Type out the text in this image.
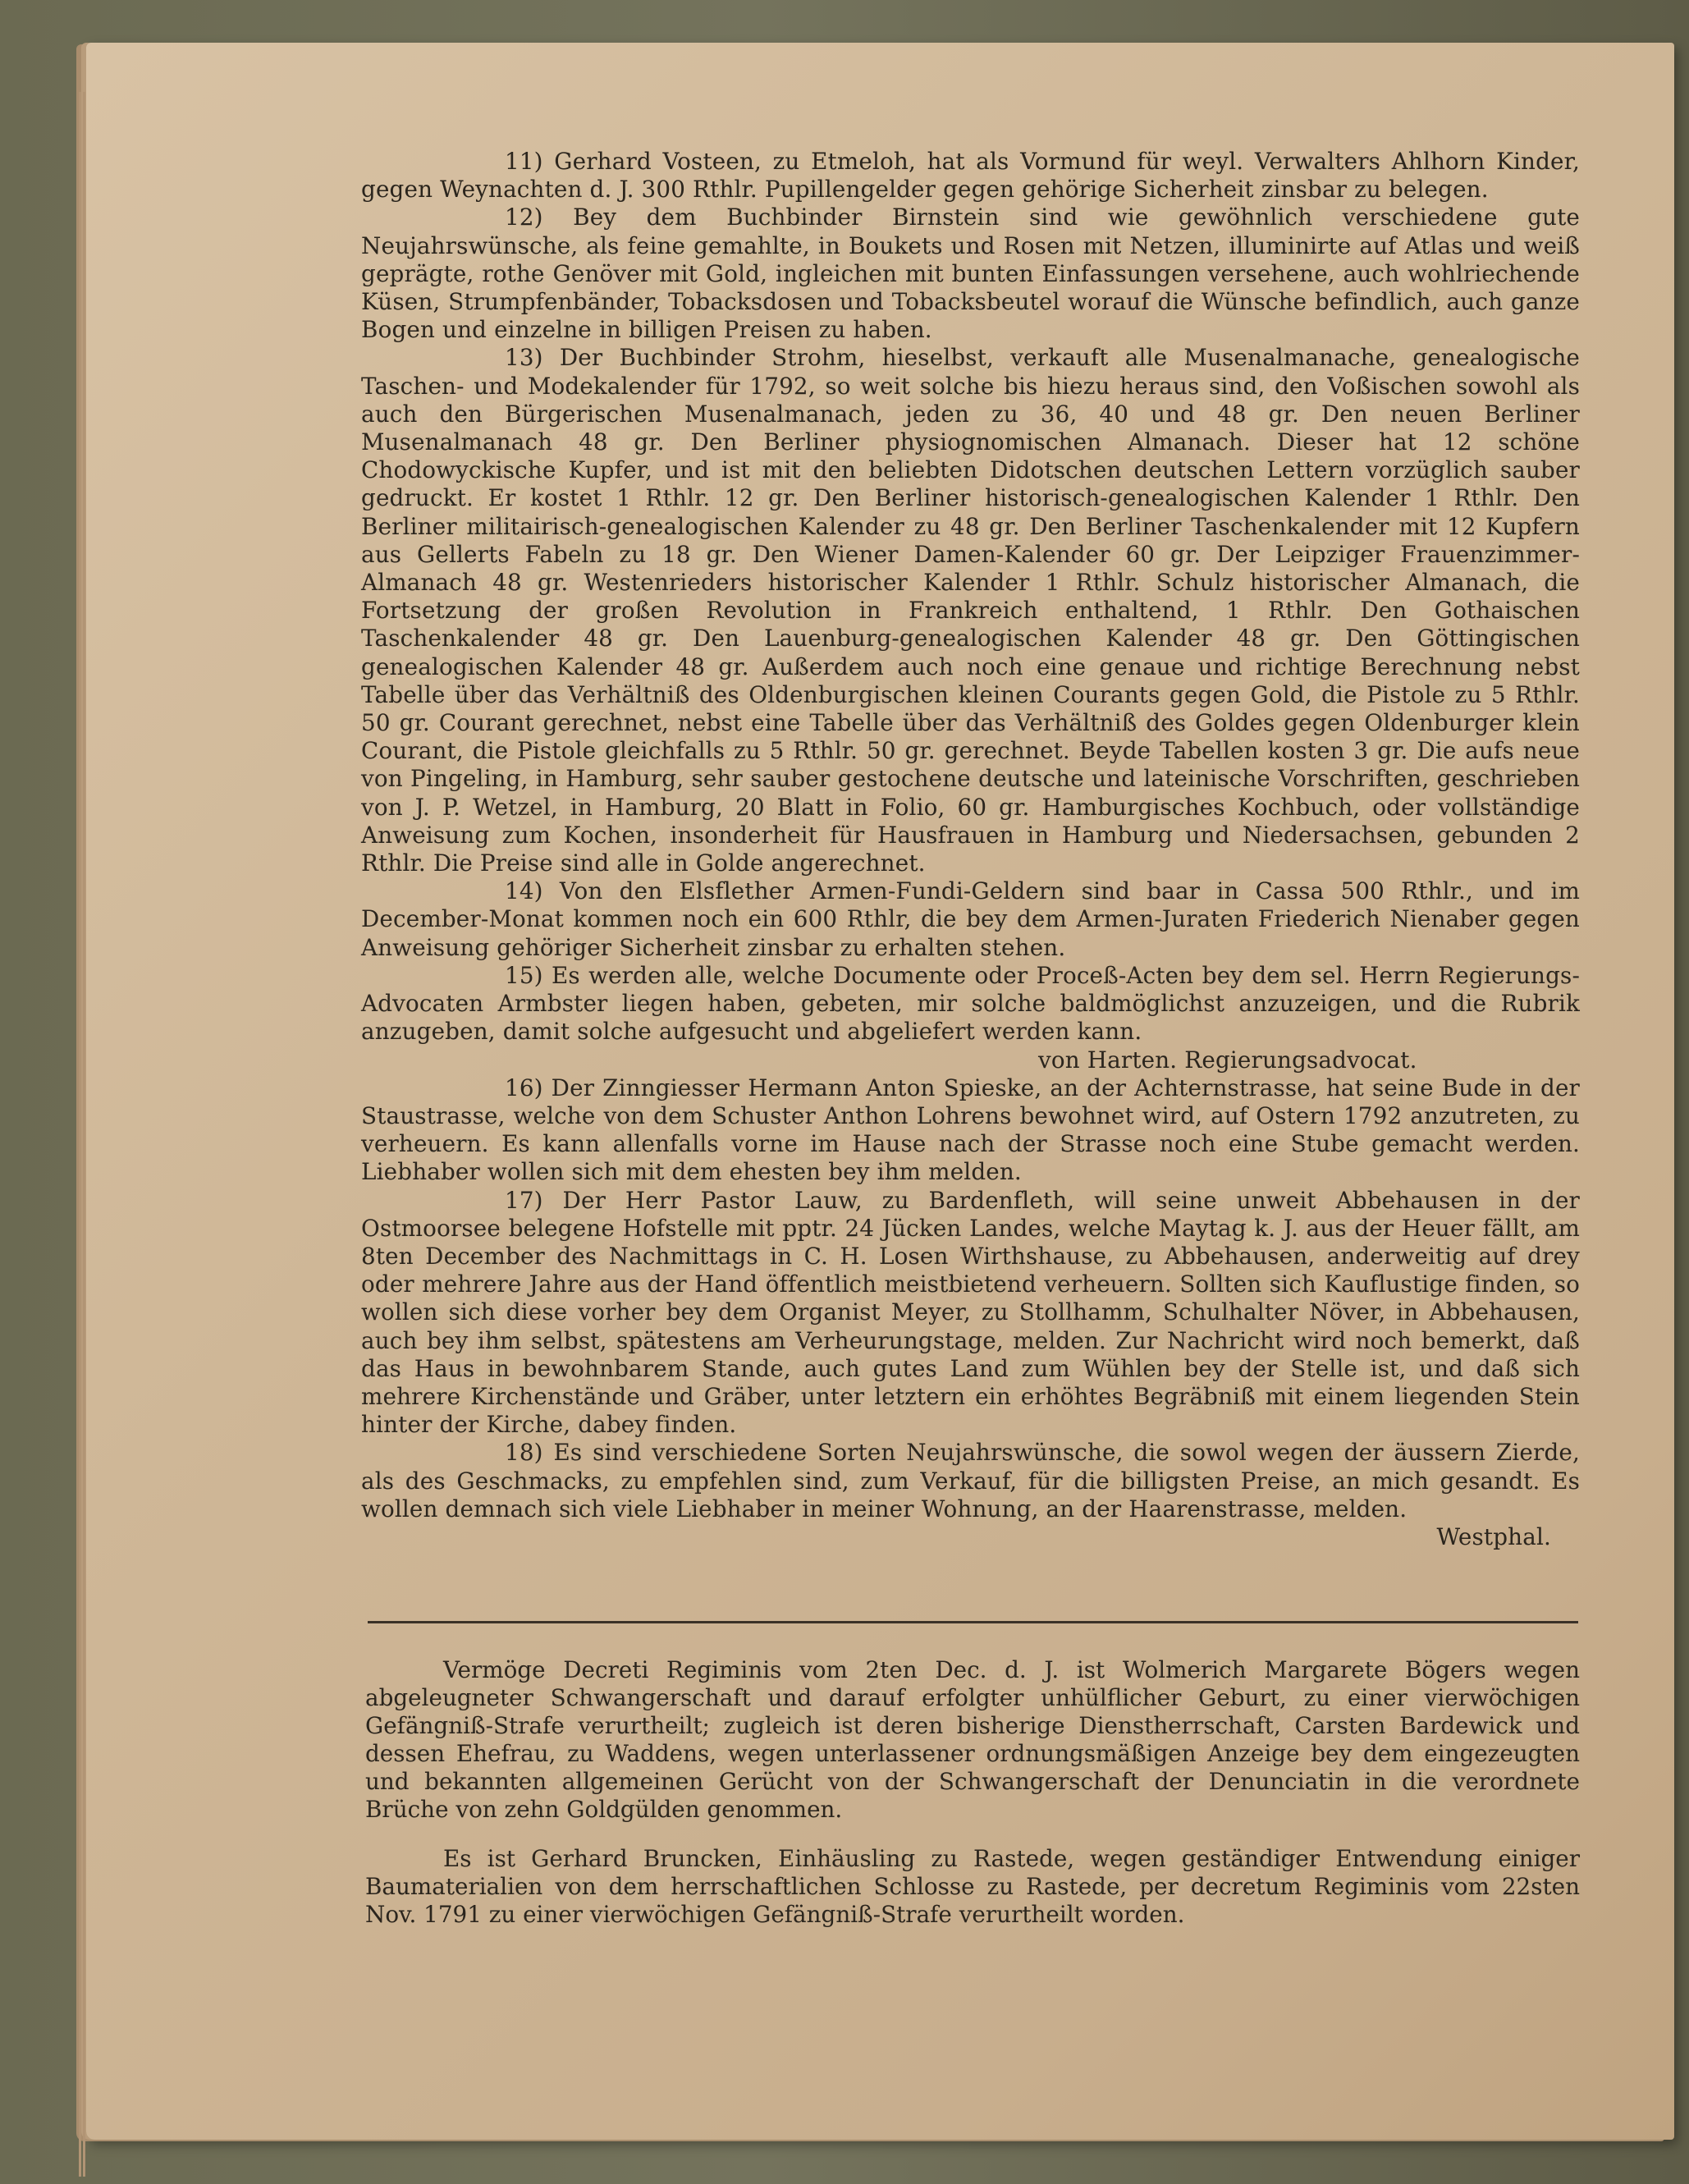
11) Gerhard Vosteen, zu Etmeloh, hat als Vormund für weyl. Verwalters Ahlhorn Kinder, gegen Weynachten d. J. 300 Rthlr. Pupillengelder gegen gehörige Sicherheit zinsbar zu belegen.

12) Bey dem Buchbinder Birnstein sind wie gewöhnlich verschiedene gute Neujahrswünsche, als feine gemahlte, in Boukets und Rosen mit Netzen, illuminirte auf Atlas und weiß geprägte, rothe Genöver mit Gold, ingleichen mit bunten Einfassungen versehene, auch wohlriechende Küsen, Strumpfenbänder, Tobacksdosen und Tobacksbeutel worauf die Wünsche befindlich, auch ganze Bogen und einzelne in billigen Preisen zu haben.

13) Der Buchbinder Strohm, hieselbst, verkauft alle Musenalmanache, genealogische Taschen- und Modekalender für 1792, so weit solche bis hiezu heraus sind, den Voßischen sowohl als auch den Bürgerischen Musenalmanach, jeden zu 36, 40 und 48 gr. Den neuen Berliner Musenalmanach 48 gr. Den Berliner physiognomischen Almanach. Dieser hat 12 schöne Chodowyckische Kupfer, und ist mit den beliebten Didotschen deutschen Lettern vorzüglich sauber gedruckt. Er kostet 1 Rthlr. 12 gr. Den Berliner historisch-genealogischen Kalender 1 Rthlr. Den Berliner militairisch-genealogischen Kalender zu 48 gr. Den Berliner Taschenkalender mit 12 Kupfern aus Gellerts Fabeln zu 18 gr. Den Wiener Damen-Kalender 60 gr. Der Leipziger Frauenzimmer-Almanach 48 gr. Westenrieders historischer Kalender 1 Rthlr. Schulz historischer Almanach, die Fortsetzung der großen Revolution in Frankreich enthaltend, 1 Rthlr. Den Gothaischen Taschenkalender 48 gr. Den Lauenburg-genealogischen Kalender 48 gr. Den Göttingischen genealogischen Kalender 48 gr. Außerdem auch noch eine genaue und richtige Berechnung nebst Tabelle über das Verhältniß des Oldenburgischen kleinen Courants gegen Gold, die Pistole zu 5 Rthlr. 50 gr. Courant gerechnet, nebst eine Tabelle über das Verhältniß des Goldes gegen Oldenburger klein Courant, die Pistole gleichfalls zu 5 Rthlr. 50 gr. gerechnet. Beyde Tabellen kosten 3 gr. Die aufs neue von Pingeling, in Hamburg, sehr sauber gestochene deutsche und lateinische Vorschriften, geschrieben von J. P. Wetzel, in Hamburg, 20 Blatt in Folio, 60 gr. Hamburgisches Kochbuch, oder vollständige Anweisung zum Kochen, insonderheit für Hausfrauen in Hamburg und Niedersachsen, gebunden 2 Rthlr. Die Preise sind alle in Golde angerechnet.

14) Von den Elsflether Armen-Fundi-Geldern sind baar in Cassa 500 Rthlr., und im December-Monat kommen noch ein 600 Rthlr, die bey dem Armen-Juraten Friederich Nienaber gegen Anweisung gehöriger Sicherheit zinsbar zu erhalten stehen.

15) Es werden alle, welche Documente oder Proceß-Acten bey dem sel. Herrn Regierungs-Advocaten Armbster liegen haben, gebeten, mir solche baldmöglichst anzuzeigen, und die Rubrik anzugeben, damit solche aufgesucht und abgeliefert werden kann.

von Harten. Regierungsadvocat.

16) Der Zinngiesser Hermann Anton Spieske, an der Achternstrasse, hat seine Bude in der Staustrasse, welche von dem Schuster Anthon Lohrens bewohnet wird, auf Ostern 1792 anzutreten, zu verheuern. Es kann allenfalls vorne im Hause nach der Strasse noch eine Stube gemacht werden. Liebhaber wollen sich mit dem ehesten bey ihm melden.

17) Der Herr Pastor Lauw, zu Bardenfleth, will seine unweit Abbehausen in der Ostmoorsee belegene Hofstelle mit pptr. 24 Jücken Landes, welche Maytag k. J. aus der Heuer fällt, am 8ten December des Nachmittags in C. H. Losen Wirthshause, zu Abbehausen, anderweitig auf drey oder mehrere Jahre aus der Hand öffentlich meistbietend verheuern. Sollten sich Kauflustige finden, so wollen sich diese vorher bey dem Organist Meyer, zu Stollhamm, Schulhalter Növer, in Abbehausen, auch bey ihm selbst, spätestens am Verheurungstage, melden. Zur Nachricht wird noch bemerkt, daß das Haus in bewohnbarem Stande, auch gutes Land zum Wühlen bey der Stelle ist, und daß sich mehrere Kirchenstände und Gräber, unter letztern ein erhöhtes Begräbniß mit einem liegenden Stein hinter der Kirche, dabey finden.

18) Es sind verschiedene Sorten Neujahrswünsche, die sowol wegen der äussern Zierde, als des Geschmacks, zu empfehlen sind, zum Verkauf, für die billigsten Preise, an mich gesandt. Es wollen demnach sich viele Liebhaber in meiner Wohnung, an der Haarenstrasse, melden.
Westphal.

Vermöge Decreti Regiminis vom 2ten Dec. d. J. ist Wolmerich Margarete Bögers wegen abgeleugneter Schwangerschaft und darauf erfolgter unhülflicher Geburt, zu einer vierwöchigen Gefängniß-Strafe verurtheilt; zugleich ist deren bisherige Dienstherrschaft, Carsten Bardewick und dessen Ehefrau, zu Waddens, wegen unterlassener ordnungsmäßigen Anzeige bey dem eingezeugten und bekannten allgemeinen Gerücht von der Schwangerschaft der Denunciatin in die verordnete Brüche von zehn Goldgülden genommen.

Es ist Gerhard Bruncken, Einhäusling zu Rastede, wegen geständiger Entwendung einiger Baumaterialien von dem herrschaftlichen Schlosse zu Rastede, per decretum Regiminis vom 22sten Nov. 1791 zu einer vierwöchigen Gefängniß-Strafe verurtheilt worden.
